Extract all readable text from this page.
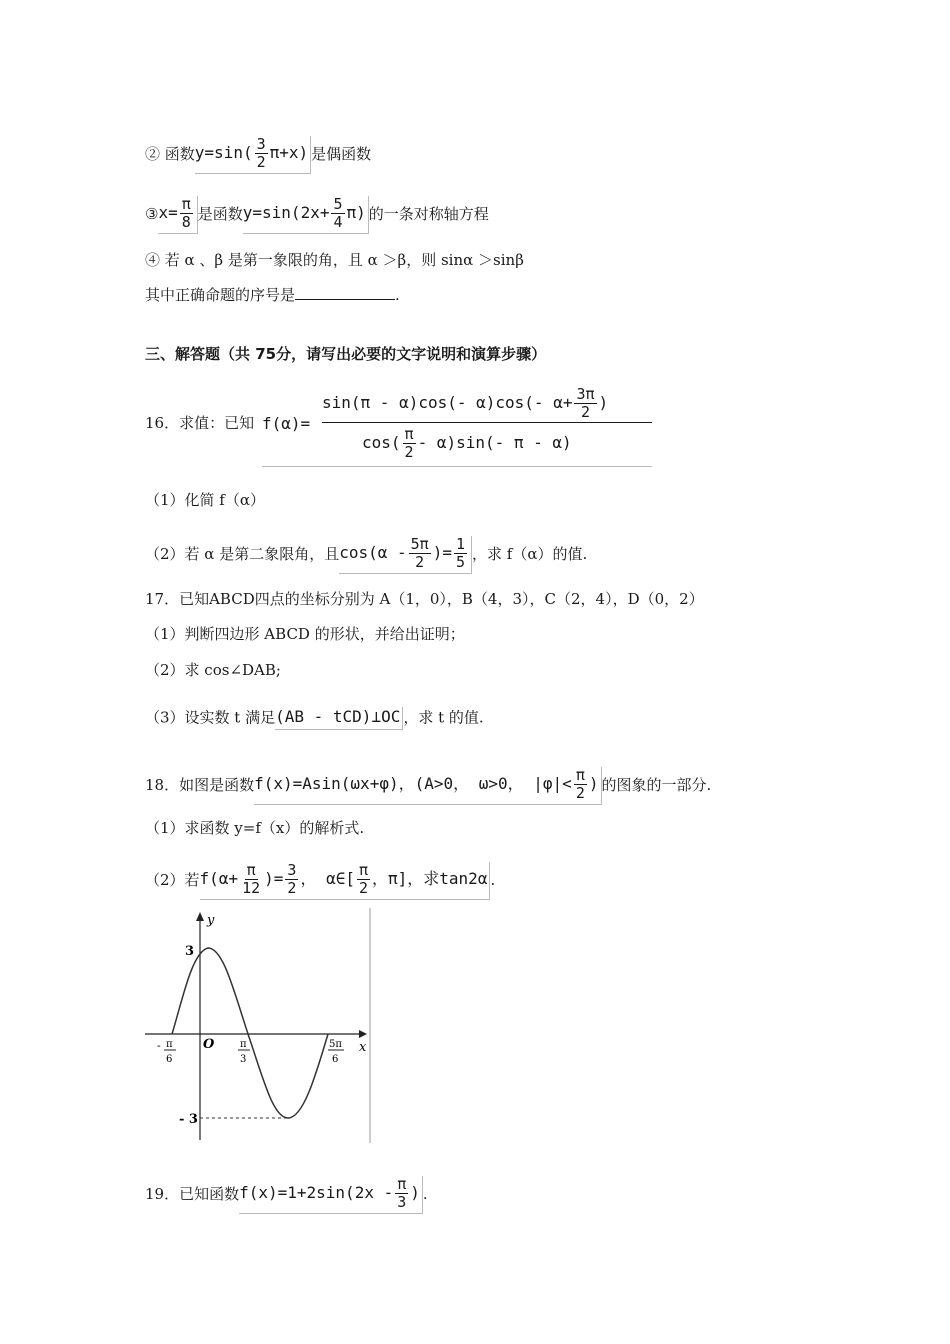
② 函数$y=\sin( \frac{3}{2} \pi+x)$ 是偶函数
③x= $\frac{\pi}{8}$ 是函数$y=\sin(2x+ \frac{5}{4} \pi)$ 的一条对称轴方程
④ 若 α 、β 是第一象限的角，且 α ＞β，则 sinα ＞sinβ
其中正确命题的序号是	.
三、解答题（共 75分，请写出必要的文字说明和演算步骤）
16．求值：已知 f(α)=
sin(π - α)cos(- α)cos(- $\alpha+ \frac{3\pi}{2}$ )
$\cos( \frac{\pi}{2} - \alpha)\sin(-$ π - α)
（1）化简 f（α）
（2）若 α 是第二象限角，且$\cos(\alpha - \frac{5\pi}{2}$ )= $\frac{1}{5}$ ，求 f（α）的值.
17．已知ABCD四点的坐标分别为 A（1，0），B（4，3），C（2，4），D（0，2）
（1）判断四边形 ABCD 的形状，并给出证明；
（2）求 cos∠DAB;
（3）设实数 t 满足(AB - tCD)⊥OC ，求 t 的值.
18．如图是函数f(x)=Asin(ωx+φ)，(A>0， ω>0， $|\varphi|< \frac{\pi}{2}$ ) 的图象的一部分.
（1）求函数 y=f（x）的解析式.
（2）若$f(\alpha+ \frac{\pi}{12}$ )= $\frac{3}{2}$ ， α∈[ $\frac{\pi}{2}$ ，π]，求tan2α .
y
x
O
3
- 3
- π
6
π
3
5π
6
19．已知函数$f(x)=1+2\sin(2x - \frac{\pi}{3}$ ) .
